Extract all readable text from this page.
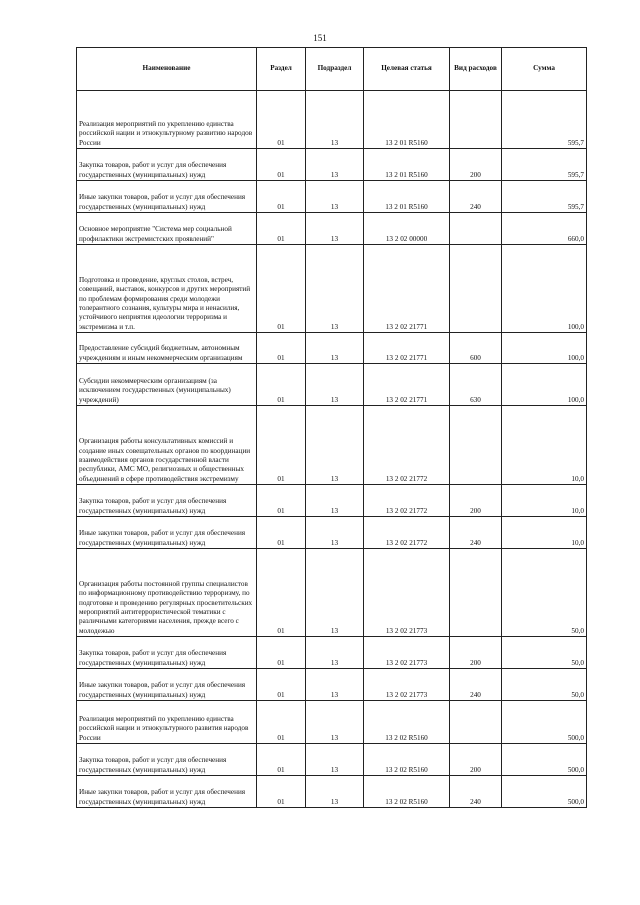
151
Наименование	Раздел	Подраздел	Целевая статья	Вид расходов	Сумма
Реализация мероприятий по укреплению единства российской нации и этнокультурному развитию народов России	01	13	13 2 01 R5160		595,7
Закупка товаров, работ и услуг для обеспечения государственных (муниципальных) нужд	01	13	13 2 01 R5160	200	595,7
Иные закупки товаров, работ и услуг для обеспечения государственных (муниципальных) нужд	01	13	13 2 01 R5160	240	595,7
Основное мероприятие "Система мер социальной профилактики экстремистских проявлений"	01	13	13 2 02 00000		660,0
Подготовка и проведение, круглых столов, встреч, совещаний, выставок, конкурсов и других мероприятий по проблемам формирования среди молодежи толерантного сознания, культуры мира и ненасилия, устойчивого неприятия идеологии терроризма и экстремизма и т.п.	01	13	13 2 02 21771		100,0
Предоставление субсидий бюджетным, автономным учреждениям и иным некоммерческим организациям	01	13	13 2 02 21771	600	100,0
Субсидии некоммерческим организациям (за исключением государственных (муниципальных) учреждений)	01	13	13 2 02 21771	630	100,0
Организация работы консультативных комиссий и создание иных совещательных органов по координации взаимодействия органов государственной власти республики, АМС МО, религиозных и общественных объединений в сфере противодействия экстремизму	01	13	13 2 02 21772		10,0
Закупка товаров, работ и услуг для обеспечения государственных (муниципальных) нужд	01	13	13 2 02 21772	200	10,0
Иные закупки товаров, работ и услуг для обеспечения государственных (муниципальных) нужд	01	13	13 2 02 21772	240	10,0
Организация работы постоянной группы специалистов по информационному противодействию терроризму, по подготовке и проведению регулярных просветительских мероприятий антитеррористической тематики с различными категориями населения, прежде всего с молодежью	01	13	13 2 02 21773		50,0
Закупка товаров, работ и услуг для обеспечения государственных (муниципальных) нужд	01	13	13 2 02 21773	200	50,0
Иные закупки товаров, работ и услуг для обеспечения государственных (муниципальных) нужд	01	13	13 2 02 21773	240	50,0
Реализация мероприятий по укреплению единства российской нации и этнокультурного развития народов России	01	13	13 2 02 R5160		500,0
Закупка товаров, работ и услуг для обеспечения государственных (муниципальных) нужд	01	13	13 2 02 R5160	200	500,0
Иные закупки товаров, работ и услуг для обеспечения государственных (муниципальных) нужд	01	13	13 2 02 R5160	240	500,0
